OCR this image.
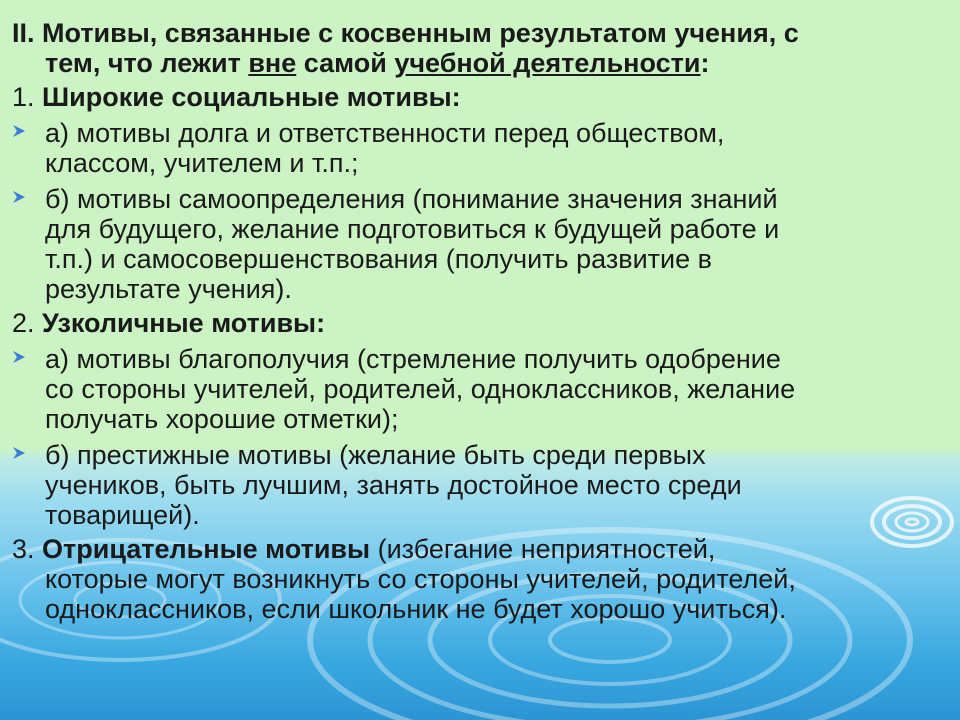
II. Мотивы, связанные с косвенным результатом учения, с
тем, что лежит вне самой учебной деятельности:
1. Широкие социальные мотивы:
а) мотивы долга и ответственности перед обществом,
классом, учителем и т.п.;
б) мотивы самоопределения (понимание значения знаний
для будущего, желание подготовиться к будущей работе и
т.п.) и самосовершенствования (получить развитие в
результате учения).
2. Узколичные мотивы:
а) мотивы благополучия (стремление получить одобрение
со стороны учителей, родителей, одноклассников, желание
получать хорошие отметки);
б) престижные мотивы (желание быть среди первых
учеников, быть лучшим, занять достойное место среди
товарищей).
3. Отрицательные мотивы (избегание неприятностей,
которые могут возникнуть со стороны учителей, родителей,
одноклассников, если школьник не будет хорошо учиться).
